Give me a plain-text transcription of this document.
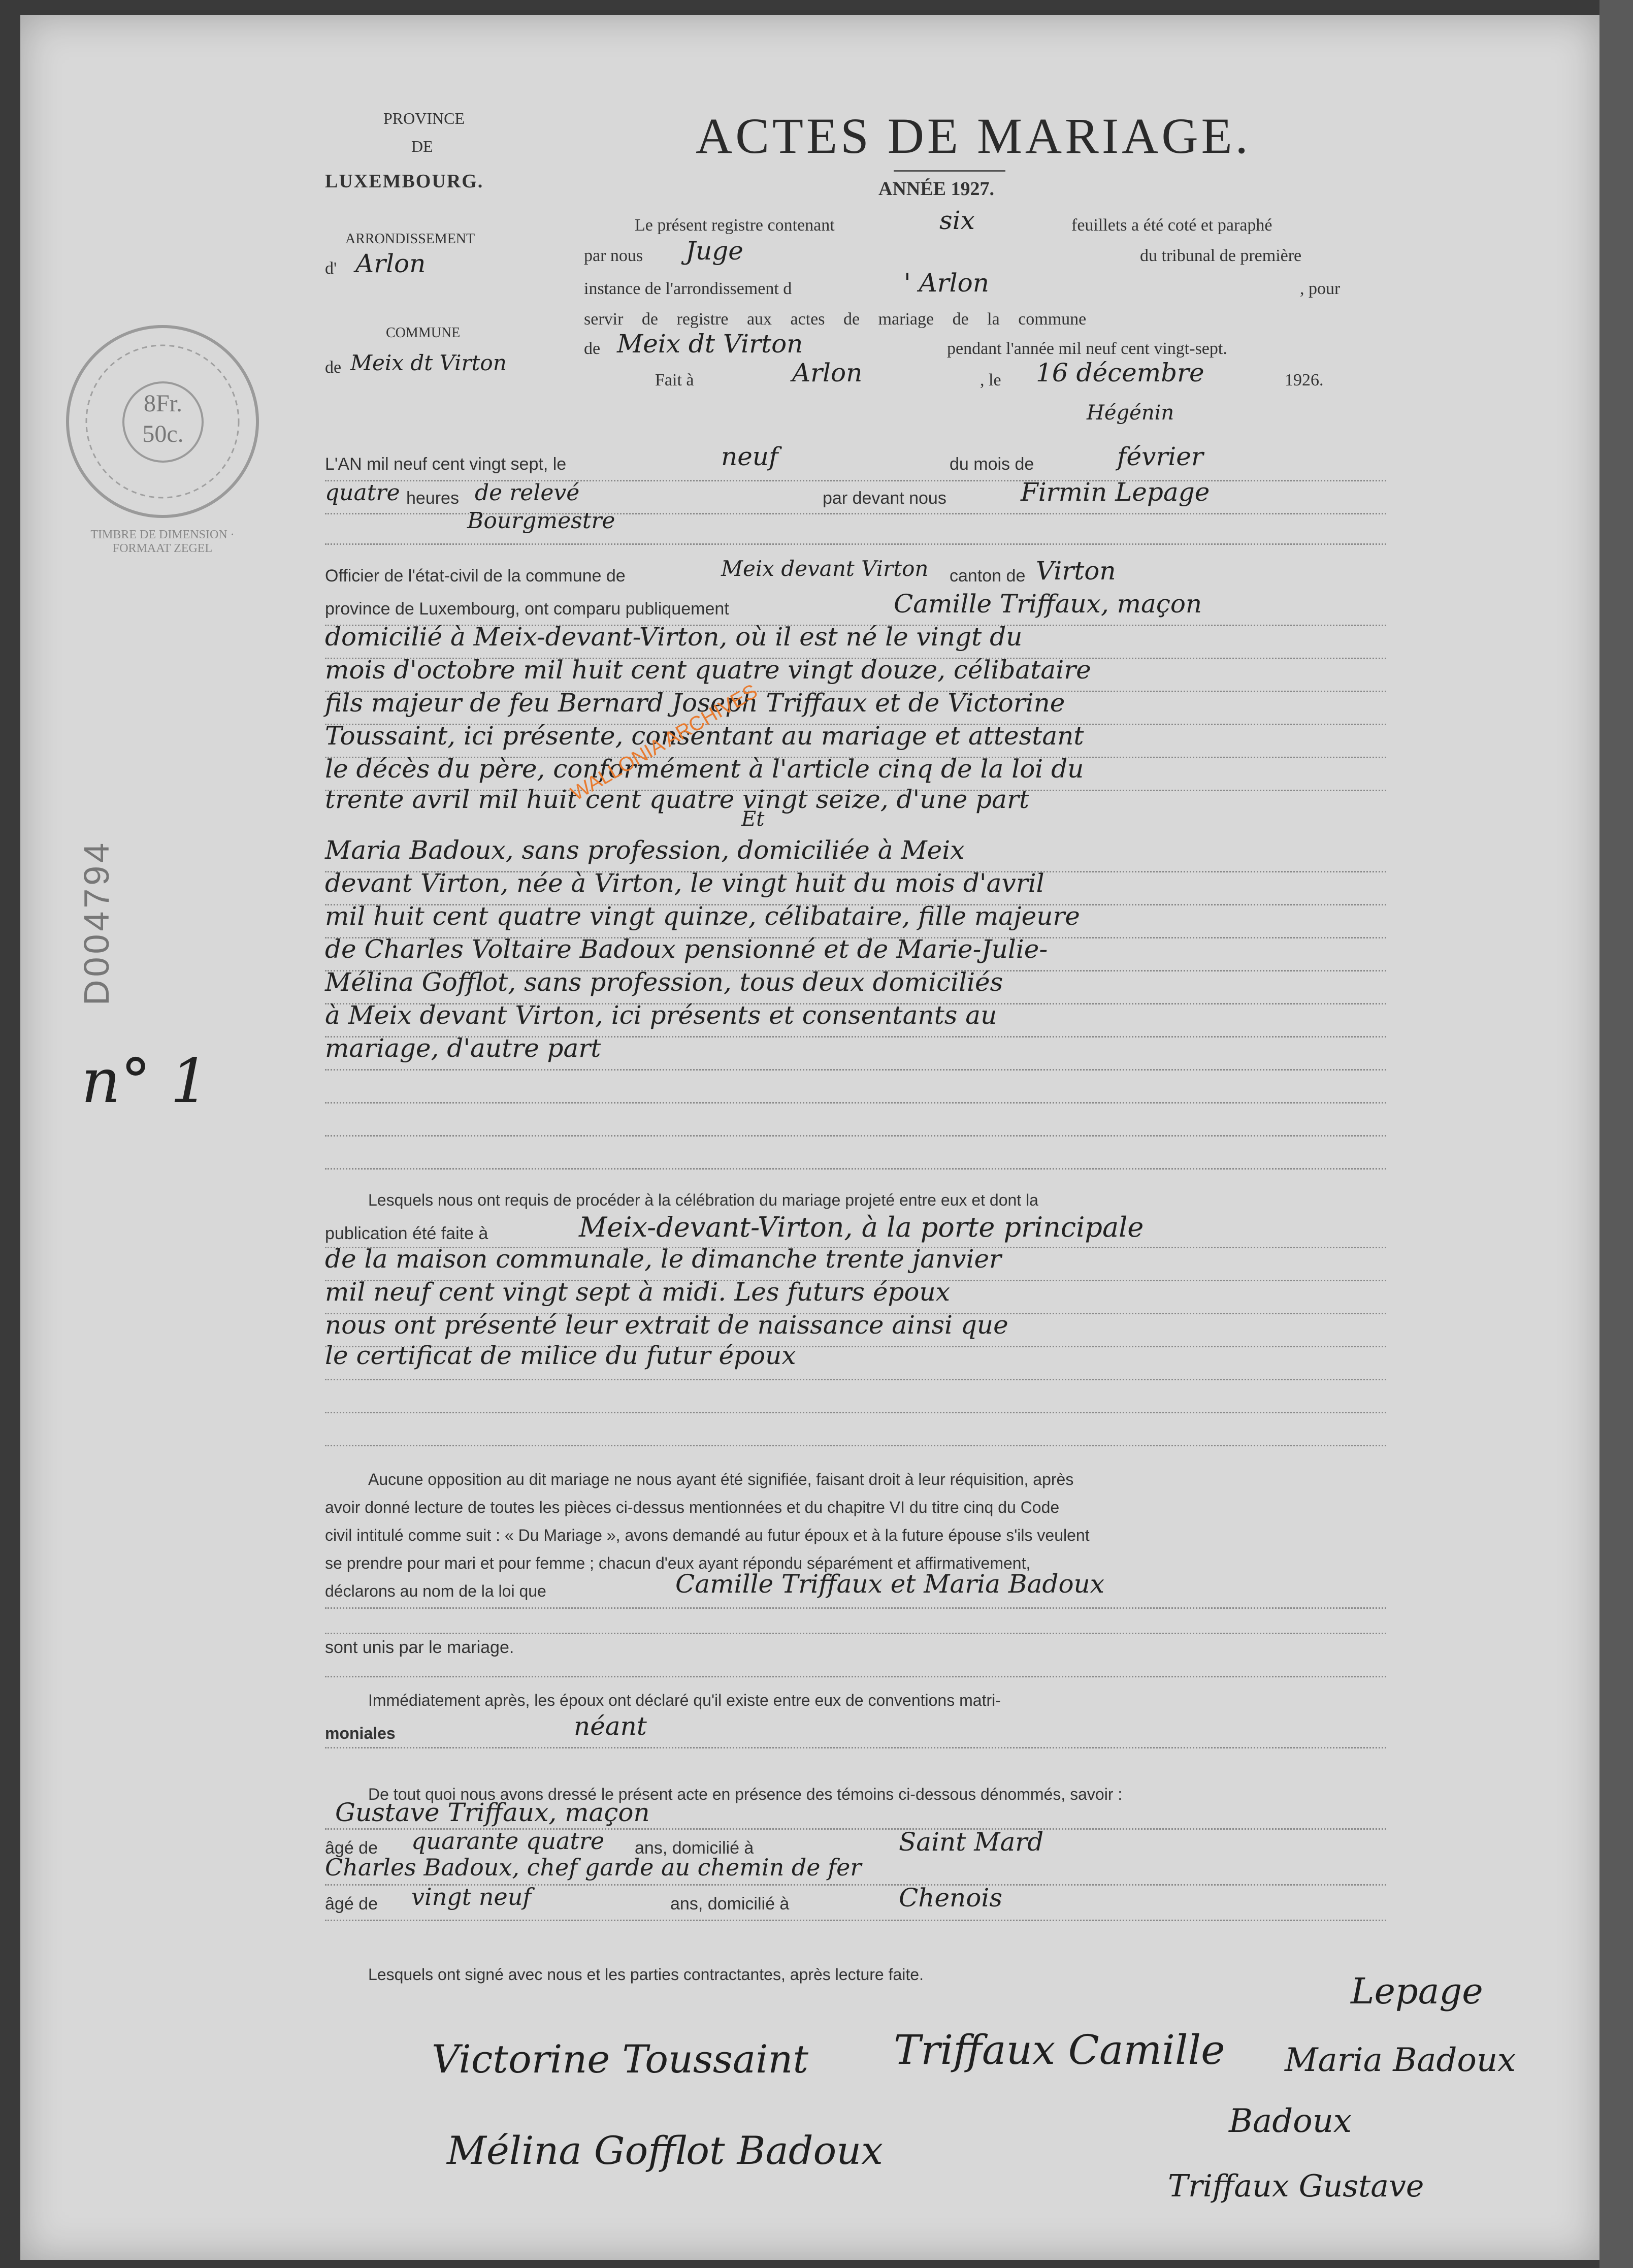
PROVINCE
DE
LUXEMBOURG.
ARRONDISSEMENT
d' Arlon
COMMUNE
de Meix dt Virton
8Fr.
50c.
TIMBRE DE DIMENSION · FORMAAT ZEGEL
ACTES DE MARIAGE.
ANNÉE 1927.
Le présent registre contenant	six	feuillets a été coté et paraphé
par nous Juge	du tribunal de première
instance de l'arrondissement d	' Arlon	, pour
servir de registre aux actes de mariage de la commune
de Meix dt Virton	pendant l'année mil neuf cent vingt-sept.
Fait à	Arlon	, le 16 décembre	1926.
D004794
n° 1
Hégénin
L'AN mil neuf cent vingt sept, le	neuf	du mois de	février
quatre heures de relevé	par devant nous	Firmin Lepage
Bourgmestre
Officier de l'état-civil de la commune de	Meix devant Virton canton de Virton
province de Luxembourg, ont comparu publiquement	Camille Triffaux, maçon
domicilié à Meix-devant-Virton, où il est né le vingt du
mois d'octobre mil huit cent quatre vingt douze, célibataire
fils majeur de feu Bernard Joseph Triffaux et de Victorine
Toussaint, ici présente, consentant au mariage et attestant
le décès du père, conformément à l'article cinq de la loi du
trente avril mil huit cent quatre vingt seize, d'une part
Et
Maria Badoux, sans profession, domiciliée à Meix
devant Virton, née à Virton, le vingt huit du mois d'avril
mil huit cent quatre vingt quinze, célibataire, fille majeure
de Charles Voltaire Badoux pensionné et de Marie-Julie-
Mélina Gofflot, sans profession, tous deux domiciliés
à Meix devant Virton, ici présents et consentants au
mariage, d'autre part
WALLONIA ARCHIVES
Lesquels nous ont requis de procéder à la célébration du mariage projeté entre eux et dont la
publication été faite à	Meix-devant-Virton, à la porte principale
de la maison communale, le dimanche trente janvier
mil neuf cent vingt sept à midi. Les futurs époux
nous ont présenté leur extrait de naissance ainsi que
le certificat de milice du futur époux
Aucune opposition au dit mariage ne nous ayant été signifiée, faisant droit à leur réquisition, après
avoir donné lecture de toutes les pièces ci-dessus mentionnées et du chapitre VI du titre cinq du Code
civil intitulé comme suit : « Du Mariage », avons demandé au futur époux et à la future épouse s'ils veulent
se prendre pour mari et pour femme ; chacun d'eux ayant répondu séparément et affirmativement,
déclarons au nom de la loi que	Camille Triffaux et Maria Badoux
sont unis par le mariage.
Immédiatement après, les époux ont déclaré qu'il existe entre eux de conventions matri-
moniales	néant
De tout quoi nous avons dressé le présent acte en présence des témoins ci-dessous dénommés, savoir :
Gustave Triffaux, maçon
âgé de quarante quatre ans, domicilié à	Saint Mard
Charles Badoux, chef garde au chemin de fer
âgé de vingt neuf	ans, domicilié à	Chenois
Lesquels ont signé avec nous et les parties contractantes, après lecture faite.
Victorine Toussaint Triffaux Camille Maria Badoux
Mélina Gofflot Badoux
Badoux
Triffaux Gustave
Lepage
